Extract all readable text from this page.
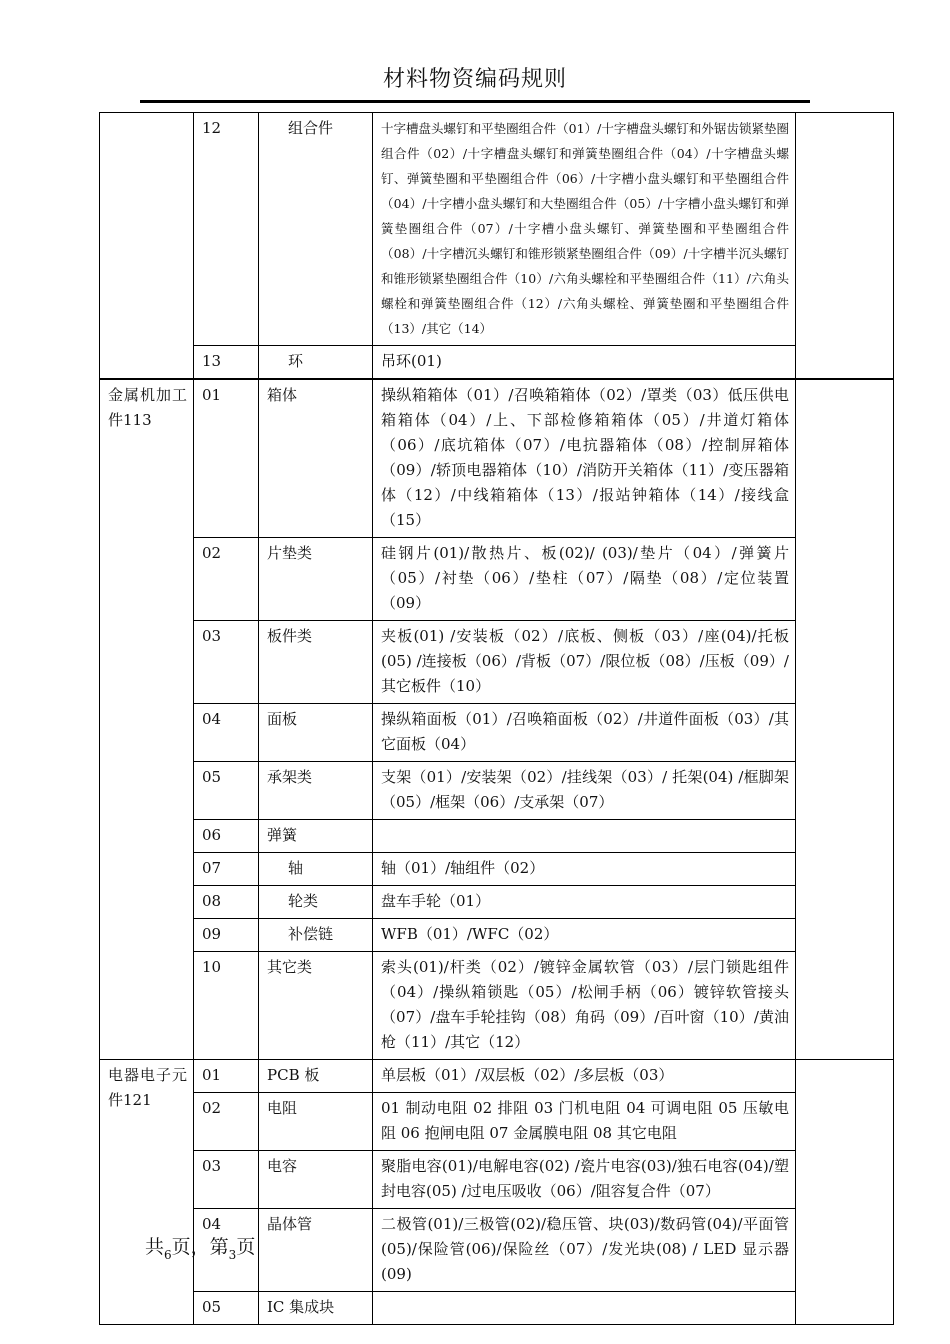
材料物资编码规则
	12	组合件	十字槽盘头螺钉和平垫圈组合件（01）/十字槽盘头螺钉和外锯齿锁紧垫圈组合件（02）/十字槽盘头螺钉和弹簧垫圈组合件（04）/十字槽盘头螺钉、弹簧垫圈和平垫圈组合件（06）/十字槽小盘头螺钉和平垫圈组合件（04）/十字槽小盘头螺钉和大垫圈组合件（05）/十字槽小盘头螺钉和弹簧垫圈组合件（07）/十字槽小盘头螺钉、弹簧垫圈和平垫圈组合件（08）/十字槽沉头螺钉和锥形锁紧垫圈组合件（09）/十字槽半沉头螺钉和锥形锁紧垫圈组合件（10）/六角头螺栓和平垫圈组合件（11）/六角头螺栓和弹簧垫圈组合件（12）/六角头螺栓、弹簧垫圈和平垫圈组合件（13）/其它（14）	
	13	环	吊环(01)	
金属机加工件113	01	箱体	操纵箱箱体（01）/召唤箱箱体（02）/罩类（03）低压供电箱箱体（04）/上、下部检修箱箱体（05）/井道灯箱体（06）/底坑箱体（07）/电抗器箱体（08）/控制屏箱体（09）/轿顶电器箱体（10）/消防开关箱体（11）/变压器箱体（12）/中线箱箱体（13）/报站钟箱体（14）/接线盒（15）	
	02	片垫类	硅钢片(01)/散热片、板(02)/ (03)/垫片（04）/弹簧片（05）/衬垫（06）/垫柱（07）/隔垫（08）/定位装置（09）	
	03	板件类	夹板(01) /安装板（02）/底板、侧板（03）/座(04)/托板 (05) /连接板（06）/背板（07）/限位板（08）/压板（09）/其它板件（10）	
	04	面板	操纵箱面板（01）/召唤箱面板（02）/井道件面板（03）/其它面板（04）	
	05	承架类	支架（01）/安装架（02）/挂线架（03）/ 托架(04) /框脚架（05）/框架（06）/支承架（07）	
	06	弹簧		
	07	轴	轴（01）/轴组件（02）	
	08	轮类	盘车手轮（01）	
	09	补偿链	WFB（01）/WFC（02）	
	10	其它类	索头(01)/杆类（02）/镀锌金属软管（03）/层门锁匙组件（04）/操纵箱锁匙（05）/松闸手柄（06）镀锌软管接头（07）/盘车手轮挂钩（08）角码（09）/百叶窗（10）/黄油枪（11）/其它（12）	
电器电子元件121	01	PCB 板	单层板（01）/双层板（02）/多层板（03）	
	02	电阻	01 制动电阻 02 排阻 03 门机电阻 04 可调电阻 05 压敏电阻 06 抱闸电阻 07 金属膜电阻 08 其它电阻	
	03	电容	聚脂电容(01)/电解电容(02) /瓷片电容(03)/独石电容(04)/塑封电容(05) /过电压吸收（06）/阻容复合件（07）	
	04	晶体管	二极管(01)/三极管(02)/稳压管、块(03)/数码管(04)/平面管(05)/保险管(06)/保险丝（07）/发光块(08) / LED 显示器(09)	
	05	IC 集成块		
共$_6$页，第$_3$页
